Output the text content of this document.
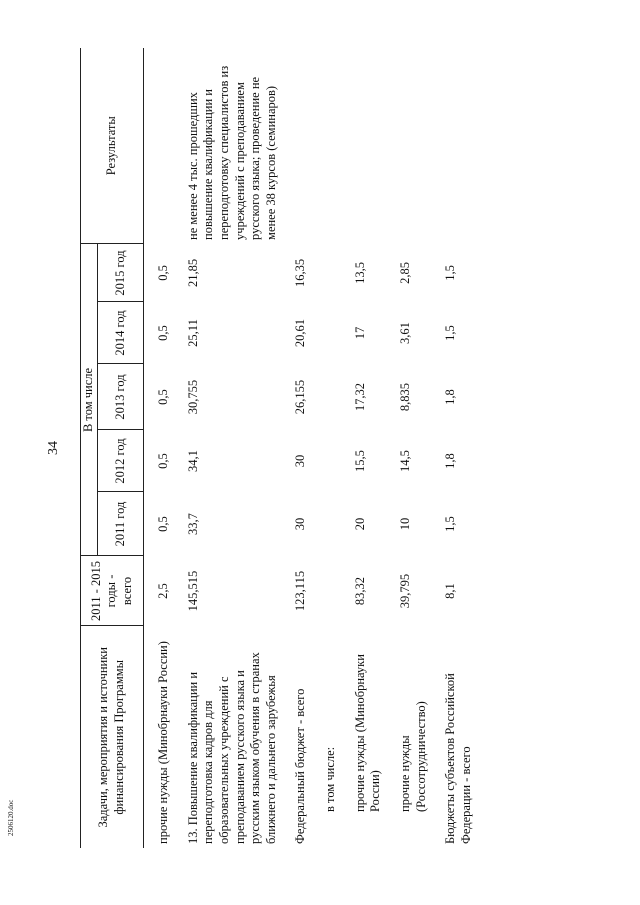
34
2506120.doc	Задачи, мероприятия и источники финансирования Программы	2011 - 2015 годы - всего	В том числе					Результаты
		2011 год	2012 год	2013 год	2014 год	2015 год	

прочие нужды (Минобрнауки России)	2,5	0,5	0,5	0,5	0,5	0,5	

13. Повышение квалификации и переподготовка кадров для образовательных учреждений с преподаванием русского языка и русским языком обучения в странах ближнего и дальнего зарубежья	145,515	33,7	34,1	30,755	25,11	21,85	не менее 4 тыс. прошедших повышение квалификации и переподготовку специалистов из учреждений с преподаванием русского языка; проведение не менее 38 курсов (семинаров)

Федеральный бюджет - всего	123,115	30	30	26,155	20,61	16,35	

в том числе:							

прочие нужды (Минобрнауки России)	83,32	20	15,5	17,32	17	13,5	

прочие нужды (Россотрудничество)	39,795	10	14,5	8,835	3,61	2,85	

Бюджеты субъектов Российской Федерации - всего	8,1	1,5	1,8	1,8	1,5	1,5	
